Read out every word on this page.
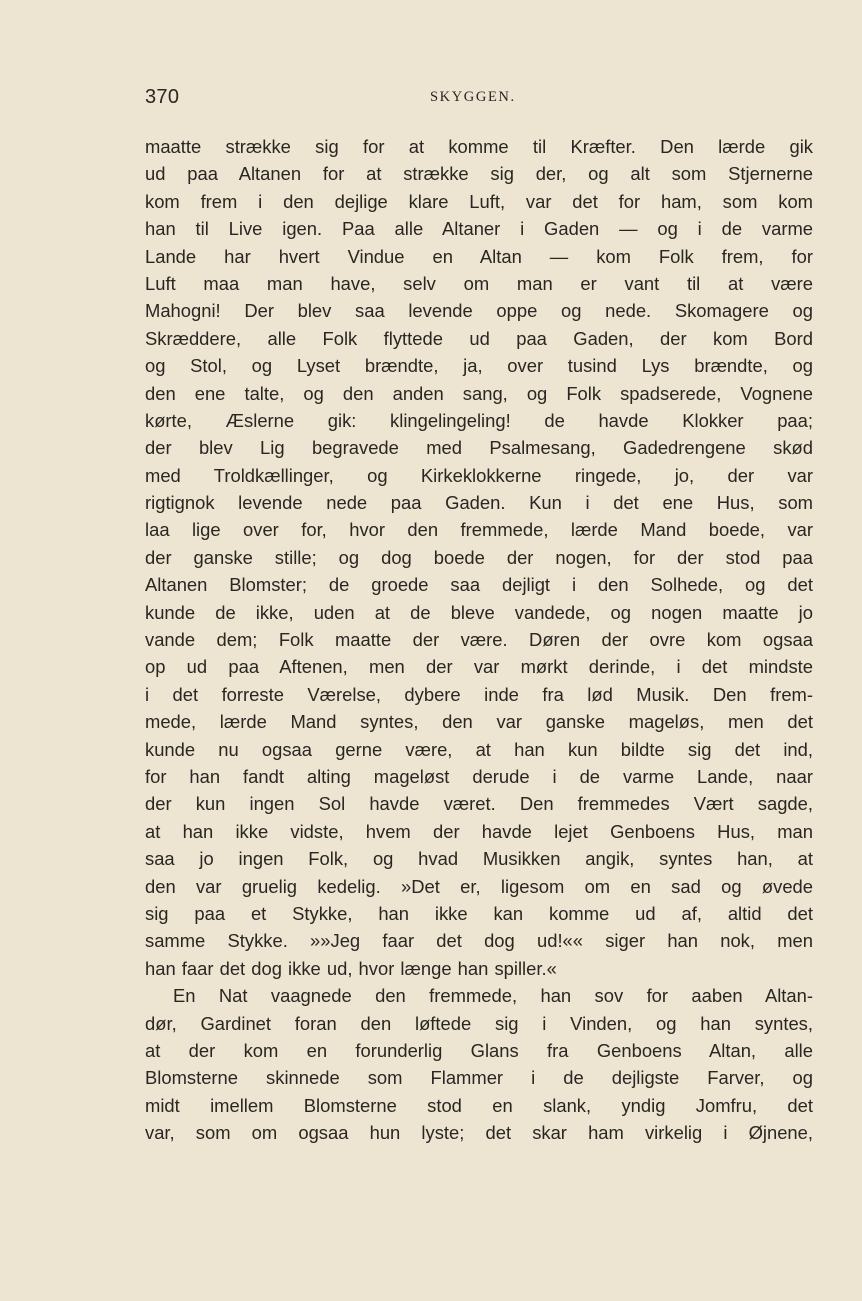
370	SKYGGEN.
maatte strække sig for at komme til Kræfter. Den lærde gik
ud paa Altanen for at strække sig der, og alt som Stjernerne
kom frem i den dejlige klare Luft, var det for ham, som kom
han til Live igen. Paa alle Altaner i Gaden — og i de varme
Lande har hvert Vindue en Altan — kom Folk frem, for
Luft maa man have, selv om man er vant til at være
Mahogni! Der blev saa levende oppe og nede. Skomagere og
Skræddere, alle Folk flyttede ud paa Gaden, der kom Bord
og Stol, og Lyset brændte, ja, over tusind Lys brændte, og
den ene talte, og den anden sang, og Folk spadserede, Vognene
kørte, Æslerne gik: klingelingeling! de havde Klokker paa;
der blev Lig begravede med Psalmesang, Gadedrengene skød
med Troldkællinger, og Kirkeklokkerne ringede, jo, der var
rigtignok levende nede paa Gaden. Kun i det ene Hus, som
laa lige over for, hvor den fremmede, lærde Mand boede, var
der ganske stille; og dog boede der nogen, for der stod paa
Altanen Blomster; de groede saa dejligt i den Solhede, og det
kunde de ikke, uden at de bleve vandede, og nogen maatte jo
vande dem; Folk maatte der være. Døren der ovre kom ogsaa
op ud paa Aftenen, men der var mørkt derinde, i det mindste
i det forreste Værelse, dybere inde fra lød Musik. Den frem-
mede, lærde Mand syntes, den var ganske mageløs, men det
kunde nu ogsaa gerne være, at han kun bildte sig det ind,
for han fandt alting mageløst derude i de varme Lande, naar
der kun ingen Sol havde været. Den fremmedes Vært sagde,
at han ikke vidste, hvem der havde lejet Genboens Hus, man
saa jo ingen Folk, og hvad Musikken angik, syntes han, at
den var gruelig kedelig. »Det er, ligesom om en sad og øvede
sig paa et Stykke, han ikke kan komme ud af, altid det
samme Stykke. »»Jeg faar det dog ud!«« siger han nok, men
han faar det dog ikke ud, hvor længe han spiller.«
En Nat vaagnede den fremmede, han sov for aaben Altan-
dør, Gardinet foran den løftede sig i Vinden, og han syntes,
at der kom en forunderlig Glans fra Genboens Altan, alle
Blomsterne skinnede som Flammer i de dejligste Farver, og
midt imellem Blomsterne stod en slank, yndig Jomfru, det
var, som om ogsaa hun lyste; det skar ham virkelig i Øjnene,
